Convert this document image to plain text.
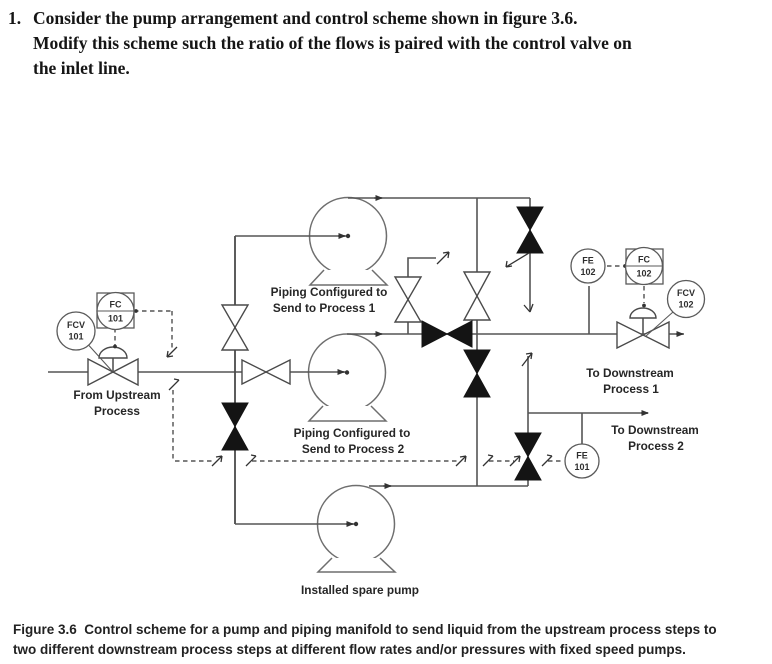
1. Consider the pump arrangement and control scheme shown in figure 3.6.
Modify this scheme such the ratio of the flows is paired with the control valve on
the inlet line.
FCV
101
FC
101
FE
102
FC
102
FCV
102
FE
101
From Upstream
Process
Piping Configured to
Send to Process 1
Piping Configured to
Send to Process 2
Installed spare pump
To Downstream
Process 1
To Downstream
Process 2
Figure 3.6  Control scheme for a pump and piping manifold to send liquid from the upstream process steps to
two different downstream process steps at different flow rates and/or pressures with fixed speed pumps.
